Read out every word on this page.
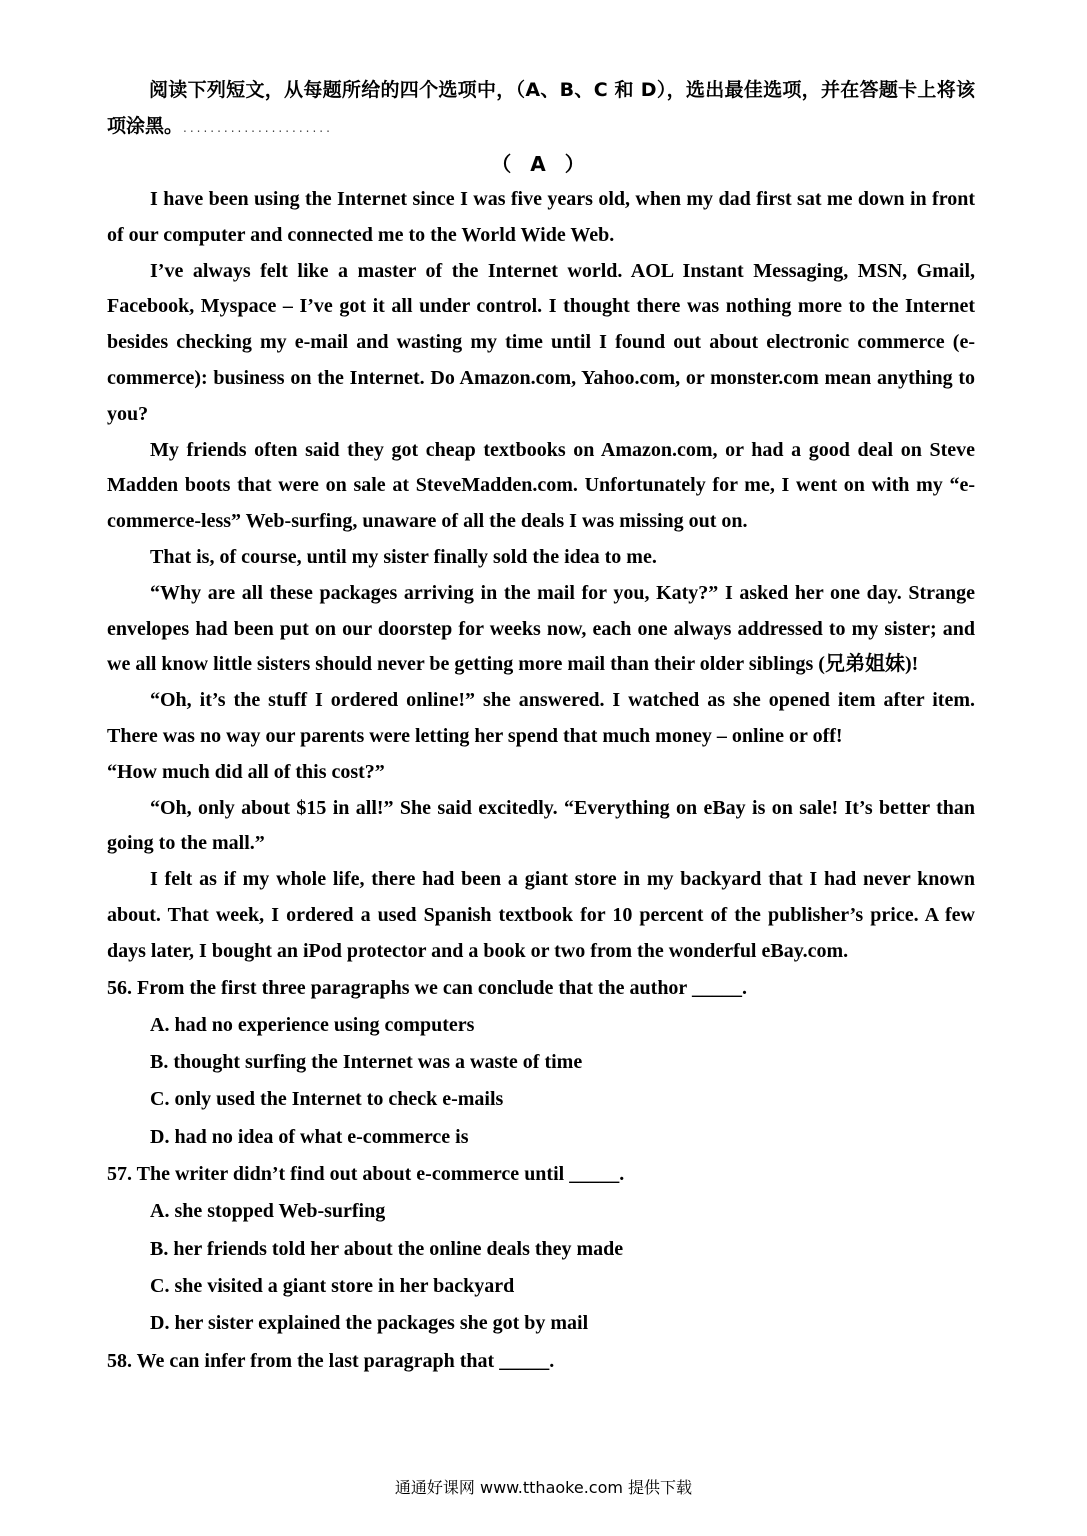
阅读下列短文，从每题所给的四个选项中，（A、B、C 和 D），选出最佳选项，并在答题卡上将该项涂黑。......................

（ A ）

I have been using the Internet since I was five years old, when my dad first sat me down in front of our computer and connected me to the World Wide Web.

I’ve always felt like a master of the Internet world. AOL Instant Messaging, MSN, Gmail, Facebook, Myspace – I’ve got it all under control. I thought there was nothing more to the Internet besides checking my e-mail and wasting my time until I found out about electronic commerce (e-commerce): business on the Internet. Do Amazon.com, Yahoo.com, or monster.com mean anything to you?

My friends often said they got cheap textbooks on Amazon.com, or had a good deal on Steve Madden boots that were on sale at SteveMadden.com. Unfortunately for me, I went on with my “e-commerce-less” Web-surfing, unaware of all the deals I was missing out on.

That is, of course, until my sister finally sold the idea to me.

“Why are all these packages arriving in the mail for you, Katy?” I asked her one day. Strange envelopes had been put on our doorstep for weeks now, each one always addressed to my sister; and we all know little sisters should never be getting more mail than their older siblings (兄弟姐妹)!

“Oh, it’s the stuff I ordered online!” she answered. I watched as she opened item after item. There was no way our parents were letting her spend that much money – online or off!

“How much did all of this cost?”

“Oh, only about $15 in all!” She said excitedly. “Everything on eBay is on sale! It’s better than going to the mall.”

I felt as if my whole life, there had been a giant store in my backyard that I had never known about. That week, I ordered a used Spanish textbook for 10 percent of the publisher’s price. A few days later, I bought an iPod protector and a book or two from the wonderful eBay.com.

56. From the first three paragraphs we can conclude that the author _____.

A. had no experience using computers

B. thought surfing the Internet was a waste of time

C. only used the Internet to check e-mails

D. had no idea of what e-commerce is

57. The writer didn’t find out about e-commerce until _____.

A. she stopped Web-surfing

B. her friends told her about the online deals they made

C. she visited a giant store in her backyard

D. her sister explained the packages she got by mail

58. We can infer from the last paragraph that _____.

通通好课网 www.tthaoke.com 提供下载
